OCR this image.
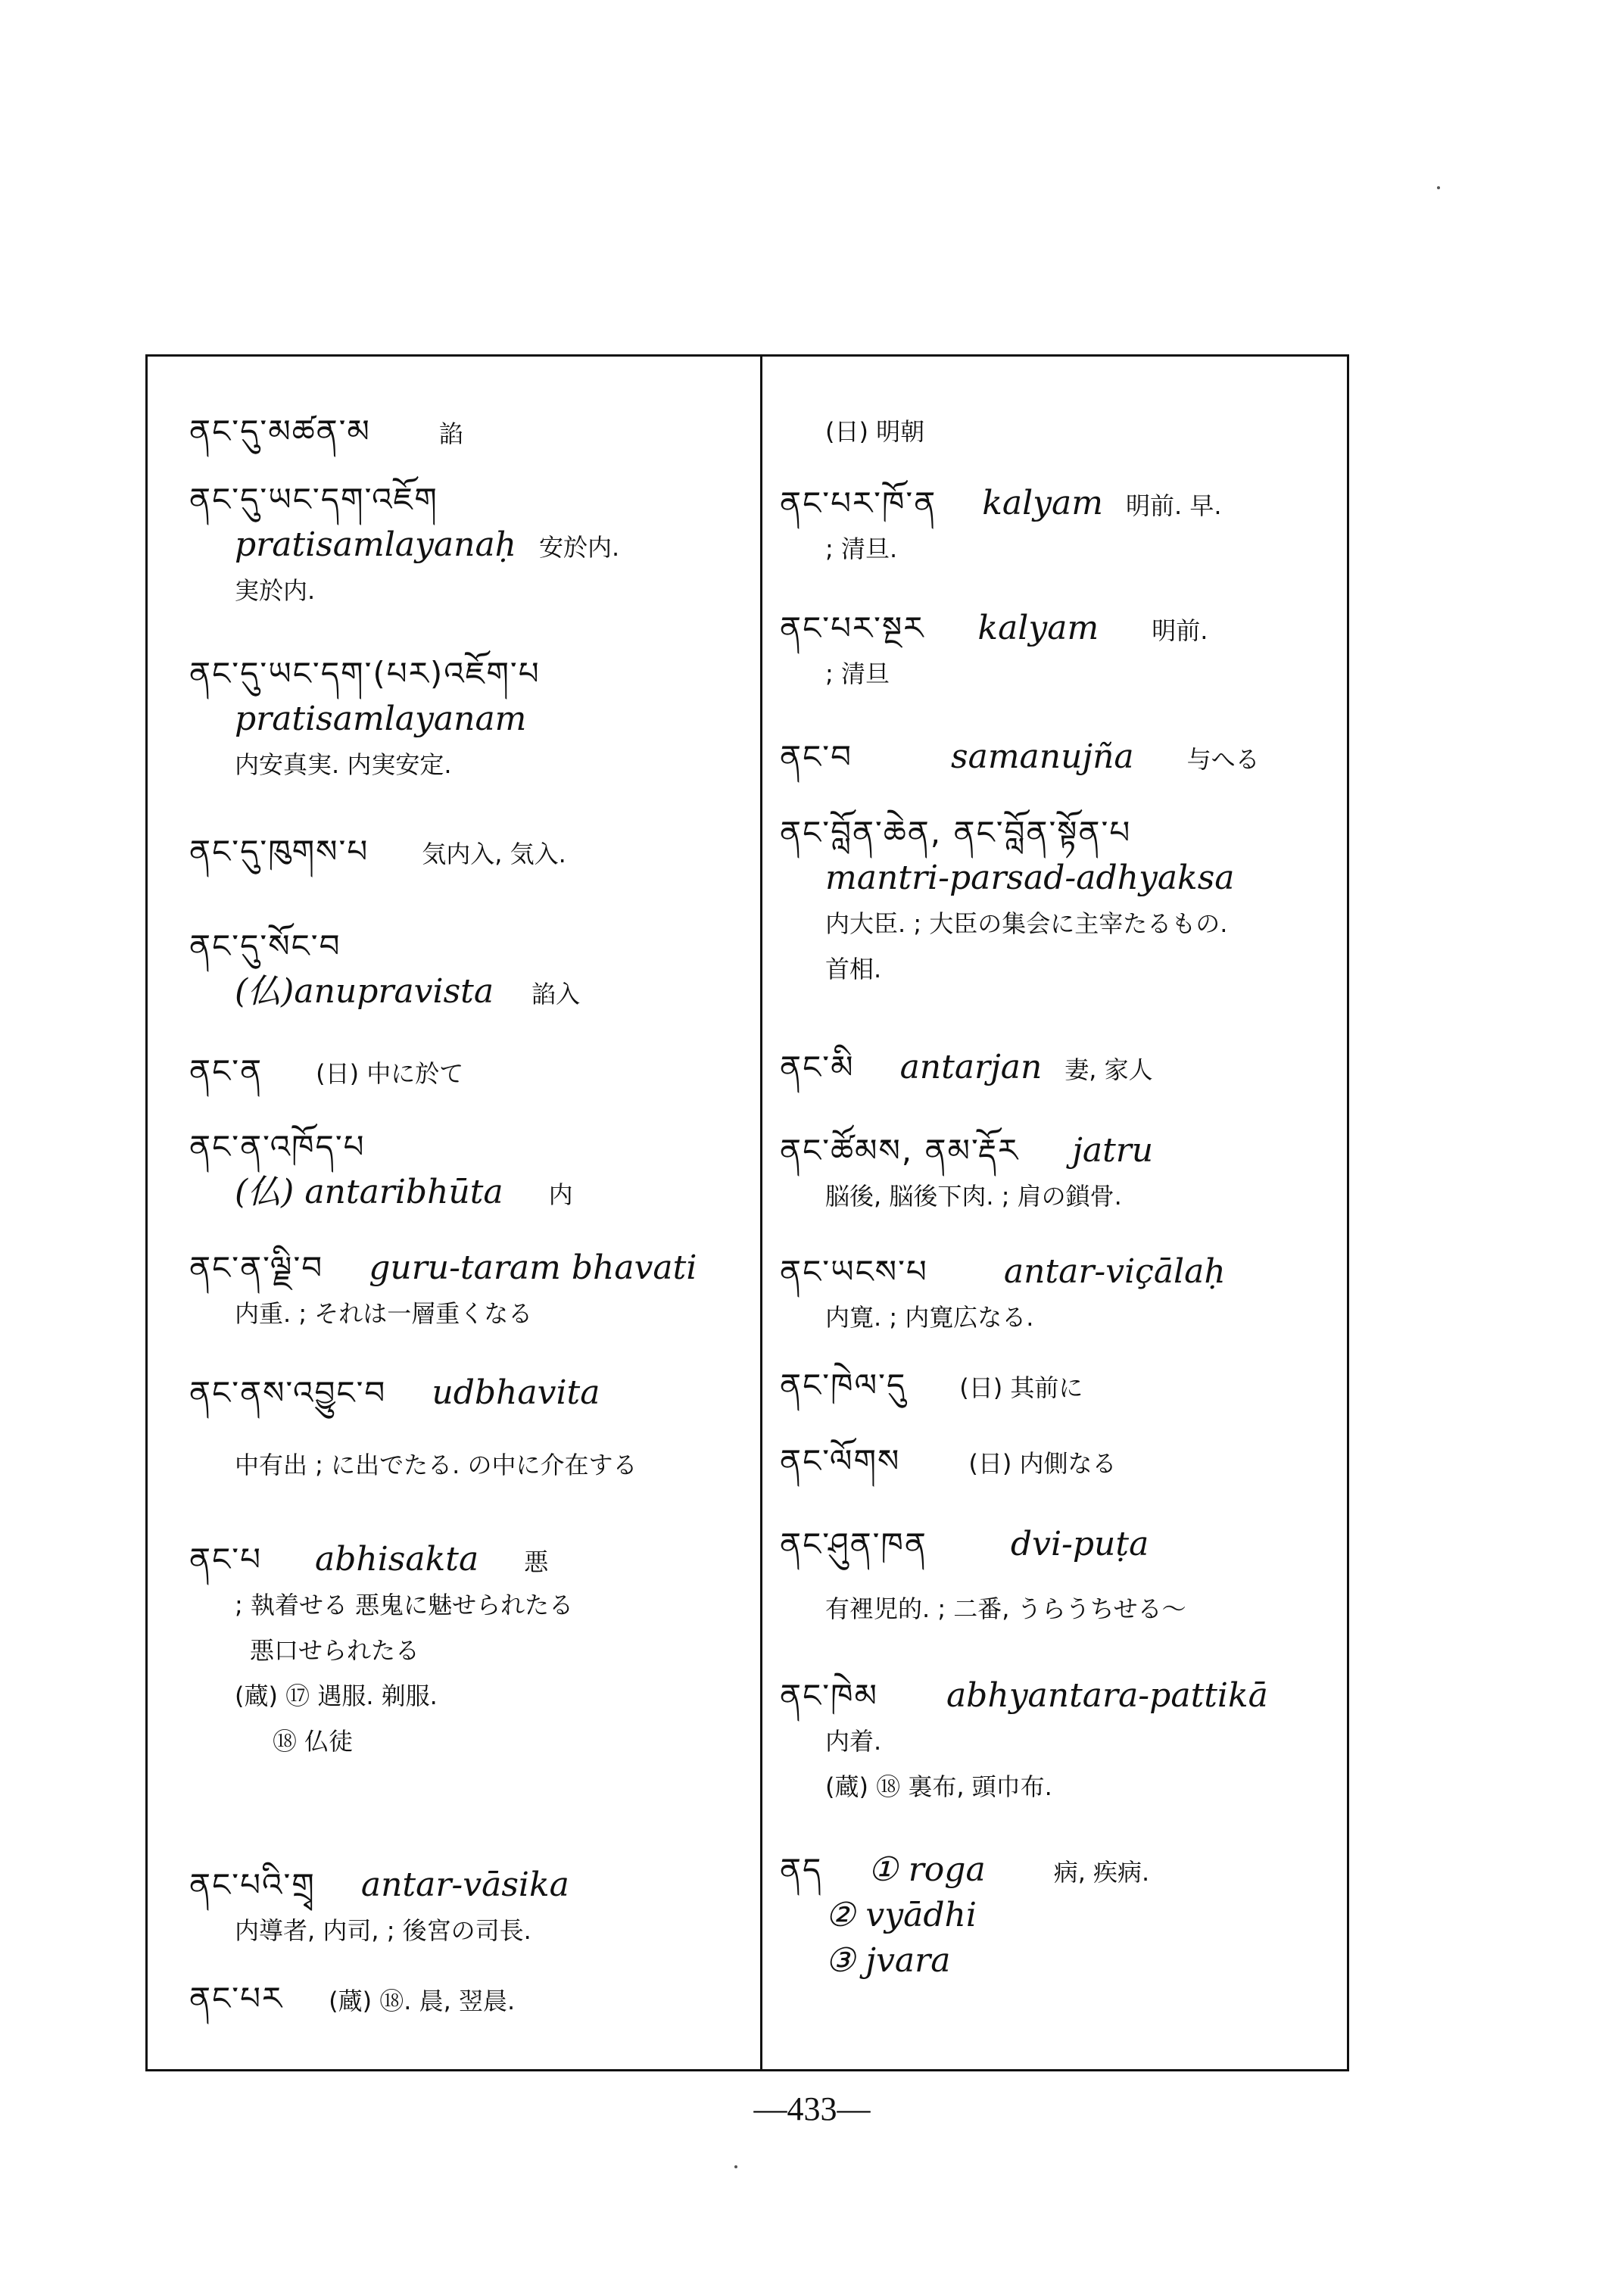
ནང་དུ་མཚན་མ	諂
ནང་དུ་ཡང་དག་འཇོག
pratisamlayanaḥ 安於内.
実於内.
ནང་དུ་ཡང་དག་(པར)འཇོག་པ
pratisamlayanam
内安真実. 内実安定.
ནང་དུ་ཁུགས་པ 気内入, 気入.
ནང་དུ་སོང་བ
(仏)anupravista 諂入
ནང་ན (日) 中に於て
ནང་ན་འཁོད་པ
(仏) antaribhūta 内
ནང་ན་ལྗི་བ guru-taram bhavati
内重. ; それは一層重くなる
ནང་ནས་འབྱུང་བ udbhavita
中有出 ; に出でたる. の中に介在する
ནང་པ abhisakta 悪
; 執着せる 悪鬼に魅せられたる
悪口せられたる
(蔵) ⑰ 遇服. 剃服.
⑱ 仏徒
ནང་པའི་གྲྭ antar-vāsika
内導者, 内司, ; 後宮の司長.
ནང་པར (蔵) ⑱. 晨, 翌晨.
(日) 明朝
ནང་པར་ཁོ་ན kalyam 明前. 早.
; 清旦.
ནང་པར་སྔར kalyam 明前.
; 清旦
ནང་བ	samanujña 与へる
ནང་བློན་ཆེན, ནང་བློན་སྟོན་པ
mantri-parsad-adhyaksa
内大臣. ; 大臣の集会に主宰たるもの.
首相.
ནང་མི antarjan 妻, 家人
ནང་ཚོམས, ནམ་རྡོར jatru
脳後, 脳後下肉. ; 肩の鎖骨.
ནང་ཡངས་པ antar-viçālaḥ
内寛. ; 内寛広なる.
ནང་ཁེལ་དུ (日) 其前に
ནང་ལོགས	(日) 内側なる
ནང་ཤུན་ཁན	dvi-puṭa
有裡児的. ; 二番, うらうちせる〜
ནང་ཁེམ abhyantara-pattikā
内着.
(蔵) ⑱ 裏布, 頭巾布.
ནད ① roga	病, 疾病.
② vyādhi
③ jvara
—433—
